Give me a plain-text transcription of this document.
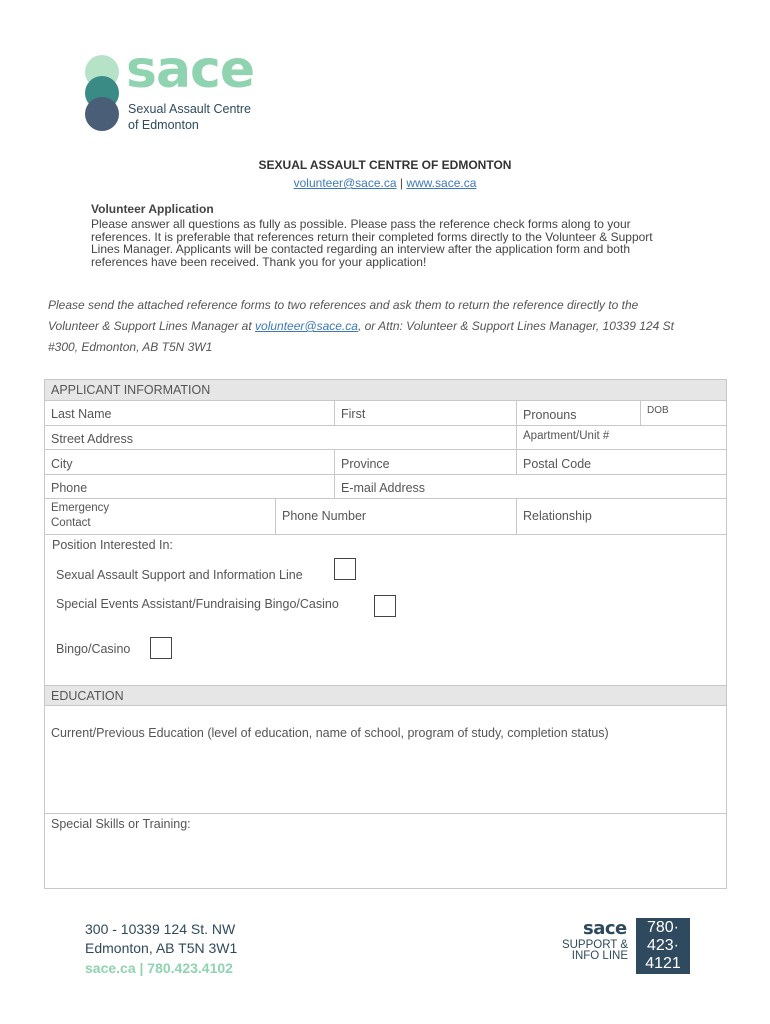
sace
Sexual Assault Centre
of Edmonton
SEXUAL ASSAULT CENTRE OF EDMONTON
volunteer@sace.ca | www.sace.ca
Volunteer Application
Please answer all questions as fully as possible. Please pass the reference check forms along to your references. It is preferable that references return their completed forms directly to the Volunteer & Support Lines Manager. Applicants will be contacted regarding an interview after the application form and both references have been received. Thank you for your application!
Please send the attached reference forms to two references and ask them to return the reference directly to the Volunteer & Support Lines Manager at volunteer@sace.ca, or Attn: Volunteer & Support Lines Manager, 10339 124 St #300, Edmonton, AB T5N 3W1
APPLICANT INFORMATION
Last Name	First	Pronouns	DOB
Street Address	Apartment/Unit #
City	Province	Postal Code
Phone	E-mail Address
Emergency
Contact	Phone Number	Relationship
Position Interested In:
Sexual Assault Support and Information Line
Special Events Assistant/Fundraising Bingo/Casino
Bingo/Casino
EDUCATION
Current/Previous Education (level of education, name of school, program of study, completion status)
Special Skills or Training:
300 - 10339 124 St. NW
Edmonton, AB T5N 3W1
sace.ca | 780.423.4102
sace
SUPPORT &
INFO LINE
780·
423·
4121
